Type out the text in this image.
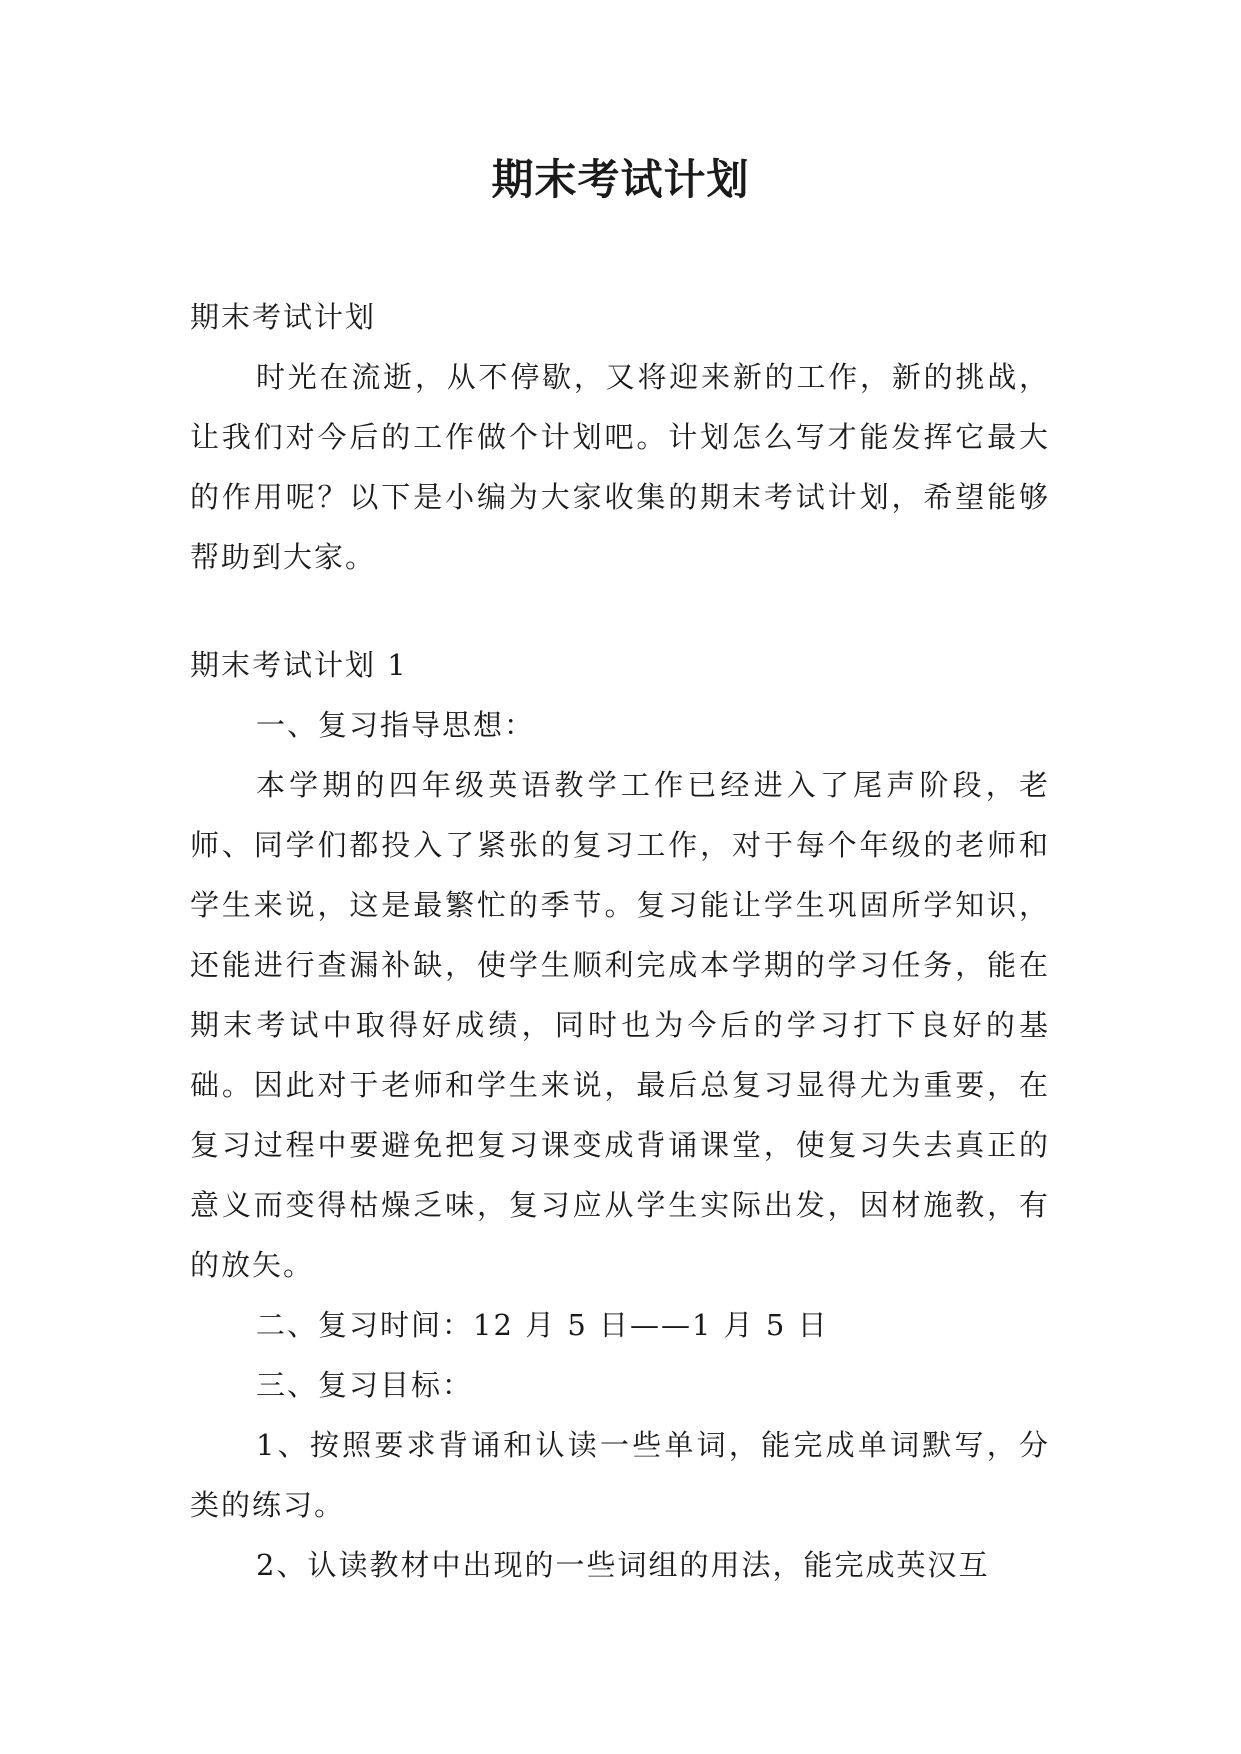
期末考试计划

期末考试计划

时光在流逝，从不停歇，又将迎来新的工作，新的挑战，让我们对今后的工作做个计划吧。计划怎么写才能发挥它最大的作用呢？以下是小编为大家收集的期末考试计划，希望能够帮助到大家。

期末考试计划 1

一、复习指导思想：

本学期的四年级英语教学工作已经进入了尾声阶段，老师、同学们都投入了紧张的复习工作，对于每个年级的老师和学生来说，这是最繁忙的季节。复习能让学生巩固所学知识，还能进行查漏补缺，使学生顺利完成本学期的学习任务，能在期末考试中取得好成绩，同时也为今后的学习打下良好的基础。因此对于老师和学生来说，最后总复习显得尤为重要，在复习过程中要避免把复习课变成背诵课堂，使复习失去真正的意义而变得枯燥乏味，复习应从学生实际出发，因材施教，有的放矢。

二、复习时间：12 月 5 日——1 月 5 日

三、复习目标：

1、按照要求背诵和认读一些单词，能完成单词默写，分类的练习。

2、认读教材中出现的一些词组的用法，能完成英汉互
